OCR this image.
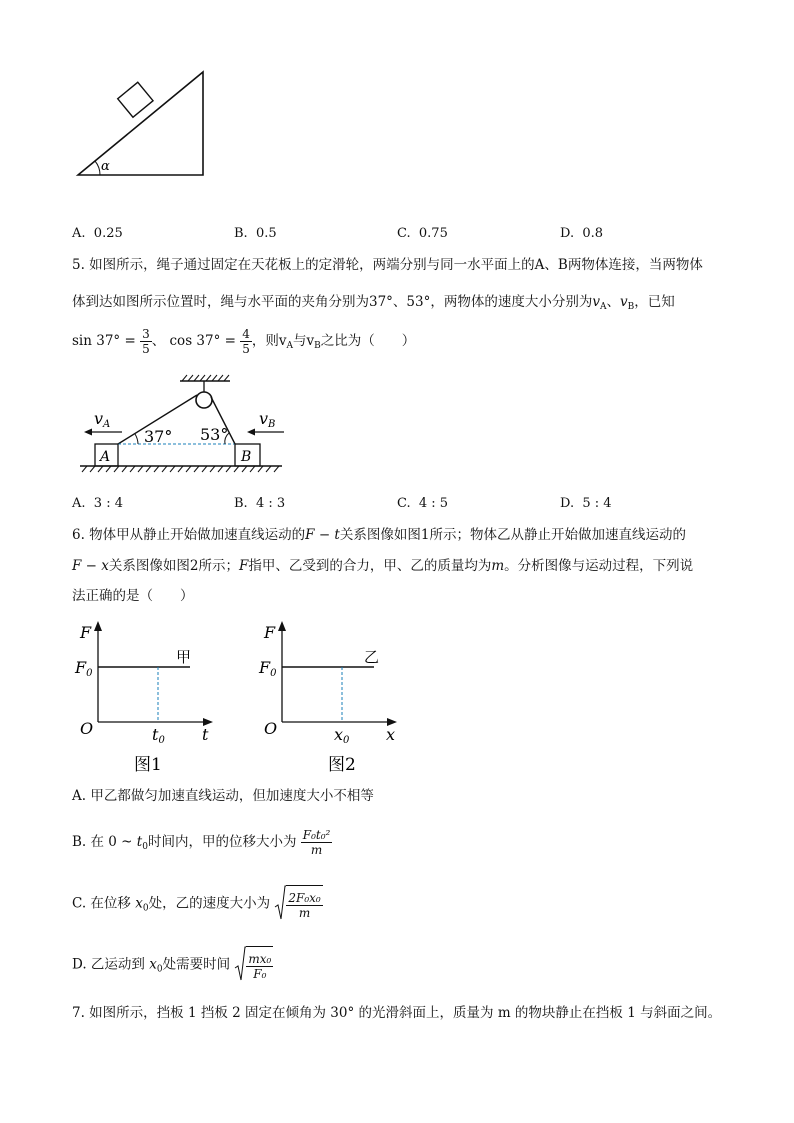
α
A. 0.25	B. 0.5	C. 0.75	D. 0.8
5. 如图所示，绳子通过固定在天花板上的定滑轮，两端分别与同一水平面上的A、B两物体连接，当两物体
体到达如图所示位置时，绳与水平面的夹角分别为37°、53°，两物体的速度大小分别为$v_A$、$v_B$，已知
$\sin 37^\circ = \frac{3}{5}$ 、 $\cos 37^\circ = \frac{4}{5}$ ，则$v_A$与$v_B$之比为（　　）
A	B
37° 53°
vA	vB
A. 3 : 4	B. 4 : 3	C. 4 : 5	D. 5 : 4
6. 物体甲从静止开始做加速直线运动的F − t关系图像如图1所示；物体乙从静止开始做加速直线运动的
F − x关系图像如图2所示；F指甲、乙受到的合力，甲、乙的质量均为m。分析图像与运动过程，下列说
法正确的是（　　）
F
F0
O	t0 t
甲
图1
F
F0
O	x0 x
乙
图2
A. 甲乙都做匀加速直线运动，但加速度大小不相等
B. 在 0 ~ $t_0$时间内，甲的位移大小为 $\frac{\text{F₀t₀²}}{m}$
C. 在位移 $x_0$处，乙的速度大小为 $\frac{\text{2F₀x₀}}{m}$
D. 乙运动到 $x_0$处需要时间 $\frac{\text{mx₀}}{\text{F₀}}$
7. 如图所示，挡板 1 挡板 2 固定在倾角为 30° 的光滑斜面上，质量为 m 的物块静止在挡板 1 与斜面之间。
